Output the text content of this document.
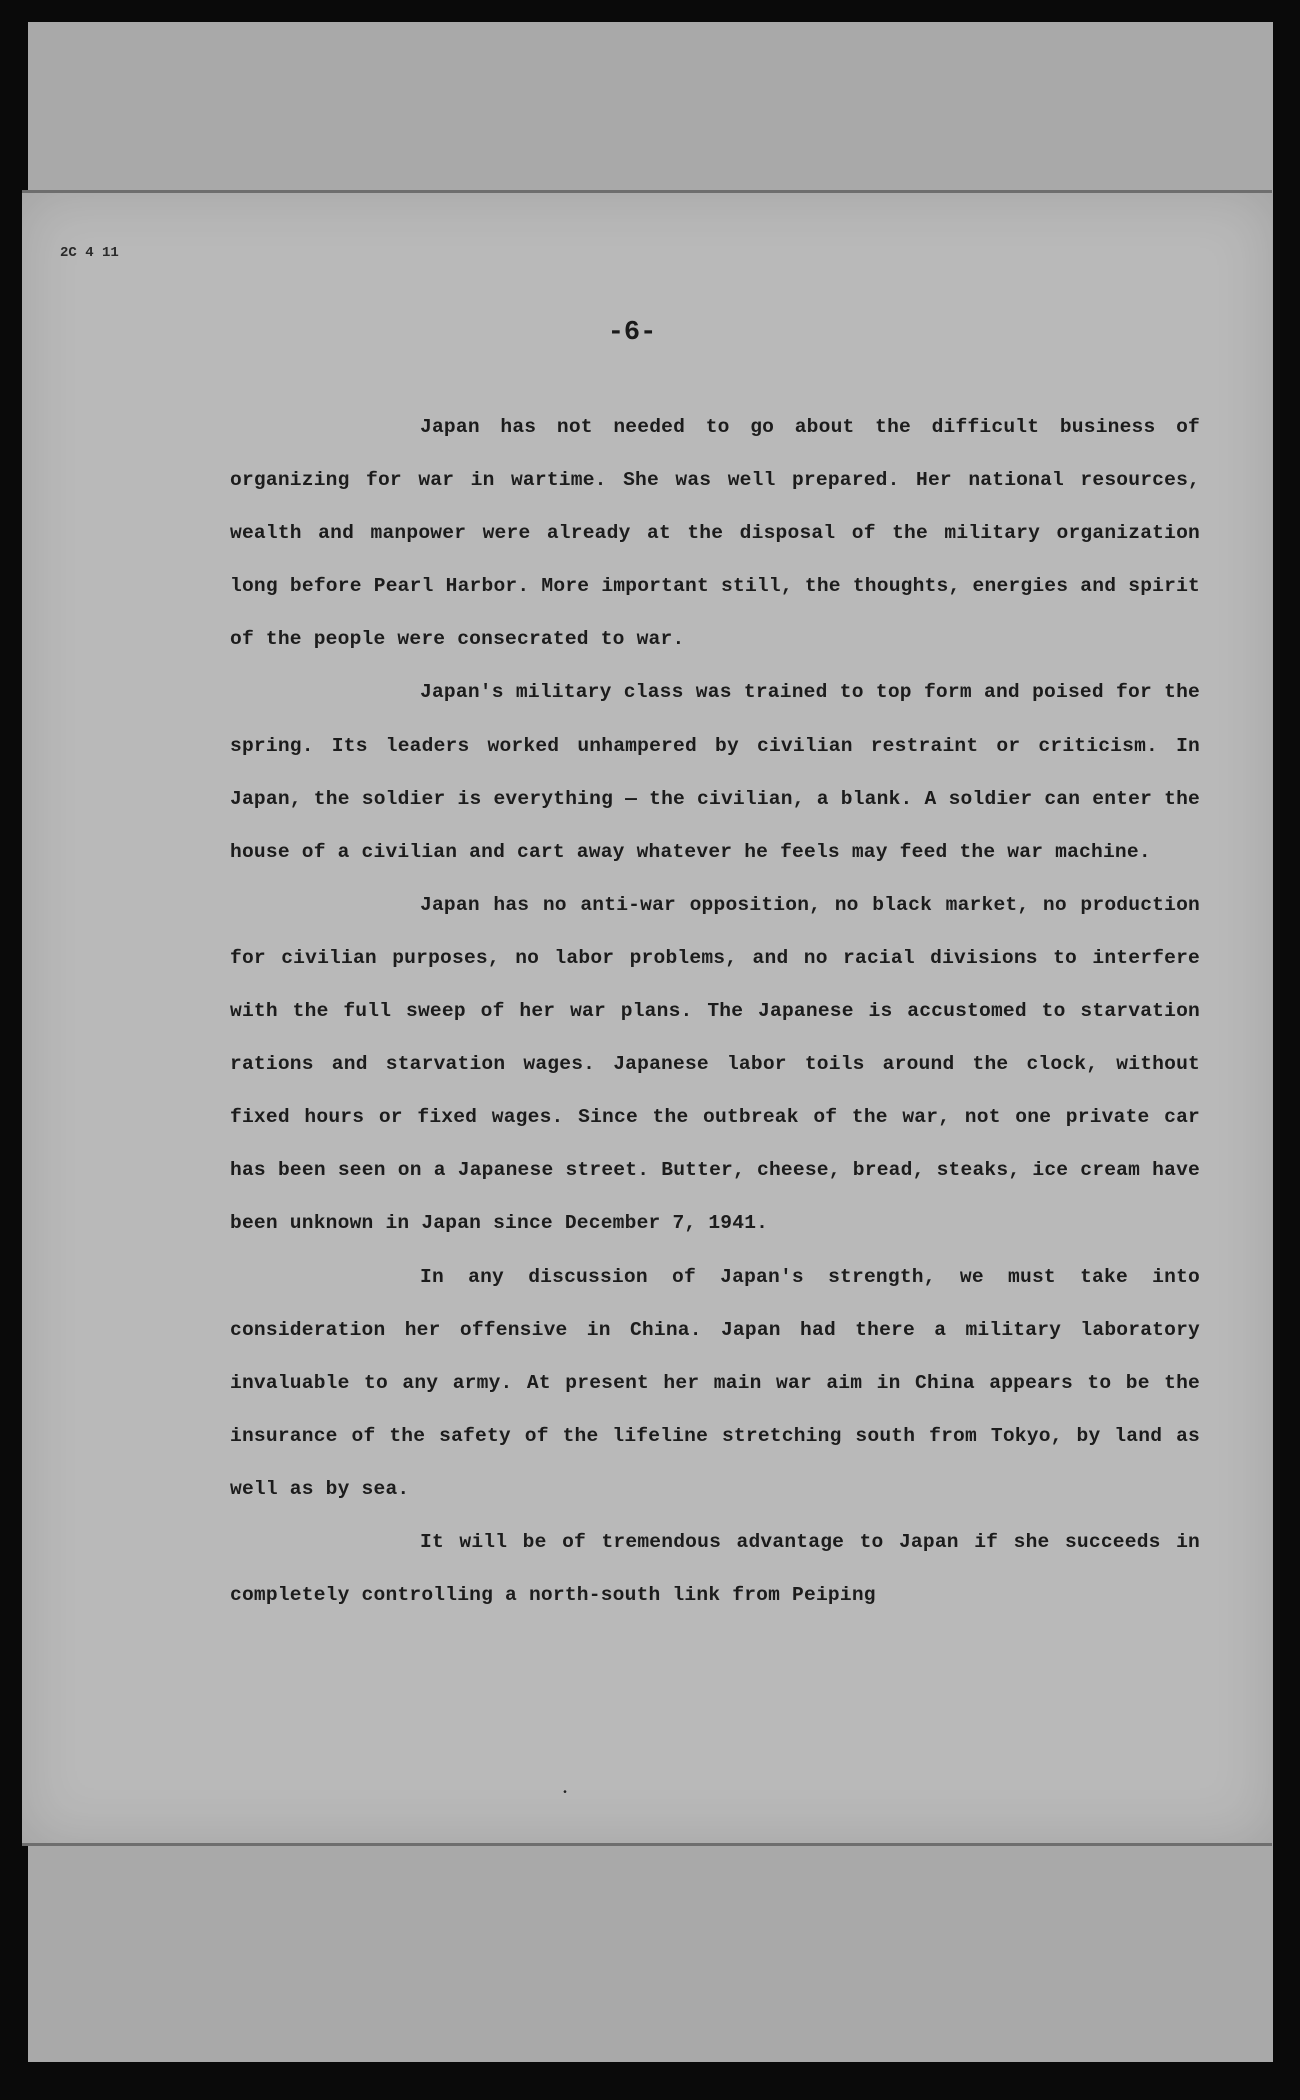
2C 4 11
-6-

Japan has not needed to go about the difficult business of organizing for war in wartime. She was well prepared. Her national resources, wealth and manpower were already at the disposal of the military organization long before Pearl Harbor. More important still, the thoughts, energies and spirit of the people were consecrated to war.

Japan's military class was trained to top form and poised for the spring. Its leaders worked unhampered by civilian restraint or criticism. In Japan, the soldier is everything — the civilian, a blank. A soldier can enter the house of a civilian and cart away whatever he feels may feed the war machine.

Japan has no anti-war opposition, no black market, no production for civilian purposes, no labor problems, and no racial divisions to interfere with the full sweep of her war plans. The Japanese is accustomed to starvation rations and starvation wages. Japanese labor toils around the clock, without fixed hours or fixed wages. Since the outbreak of the war, not one private car has been seen on a Japanese street. Butter, cheese, bread, steaks, ice cream have been unknown in Japan since December 7, 1941.

In any discussion of Japan's strength, we must take into consideration her offensive in China. Japan had there a military laboratory invaluable to any army. At present her main war aim in China appears to be the insurance of the safety of the lifeline stretching south from Tokyo, by land as well as by sea.

It will be of tremendous advantage to Japan if she succeeds in completely controlling a north-south link from Peiping

•
